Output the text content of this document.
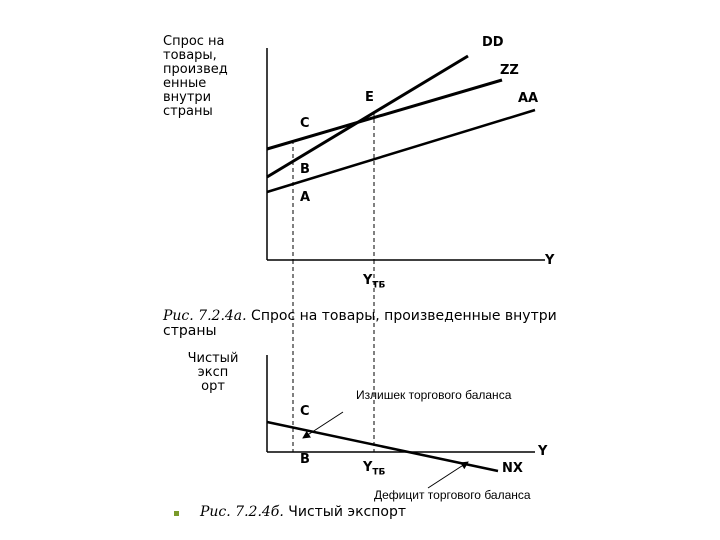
Спрос на
товары,
произвед
енные
внутри
страны
DD
ZZ
AA
E
C
B
A
Y
$Y_{ТБ}$
Рис. 7.2.4а. Спрос на товары, произведенные внутри страны
Чистый
эксп
орт
Излишек торгового баланса
C
B
$Y_{ТБ}$	NX
Y
Дефицит торгового баланса
Рис. 7.2.4б. Чистый экспорт
